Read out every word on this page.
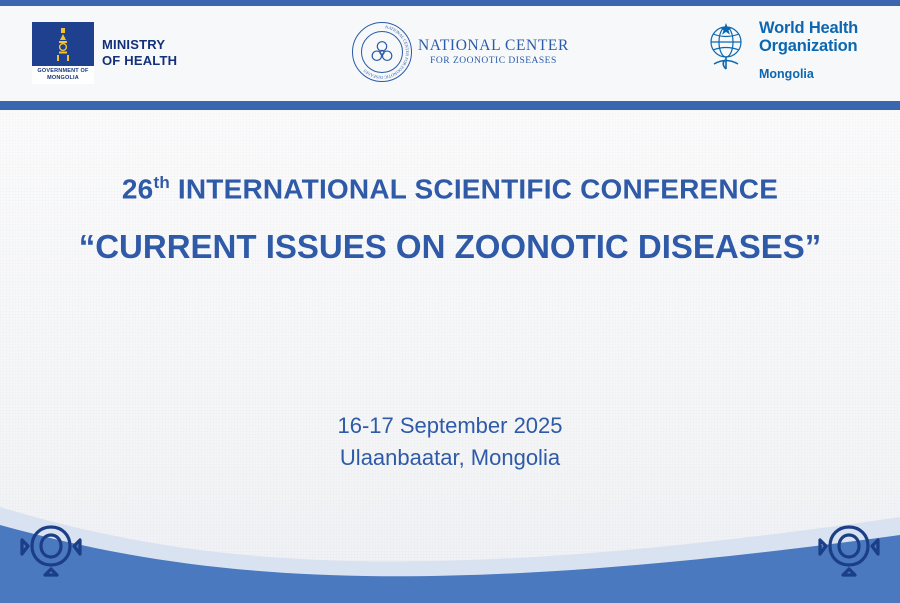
GOVERNMENT OF
MONGOLIA
MINISTRY
OF HEALTH
NATIONAL CENTER FOR ZOONOTIC DISEASES
NATIONAL CENTER
FOR ZOONOTIC DISEASES
World Health
Organization
Mongolia
26th INTERNATIONAL SCIENTIFIC CONFERENCE
“CURRENT ISSUES ON ZOONOTIC DISEASES”
16-17 September 2025
Ulaanbaatar, Mongolia
